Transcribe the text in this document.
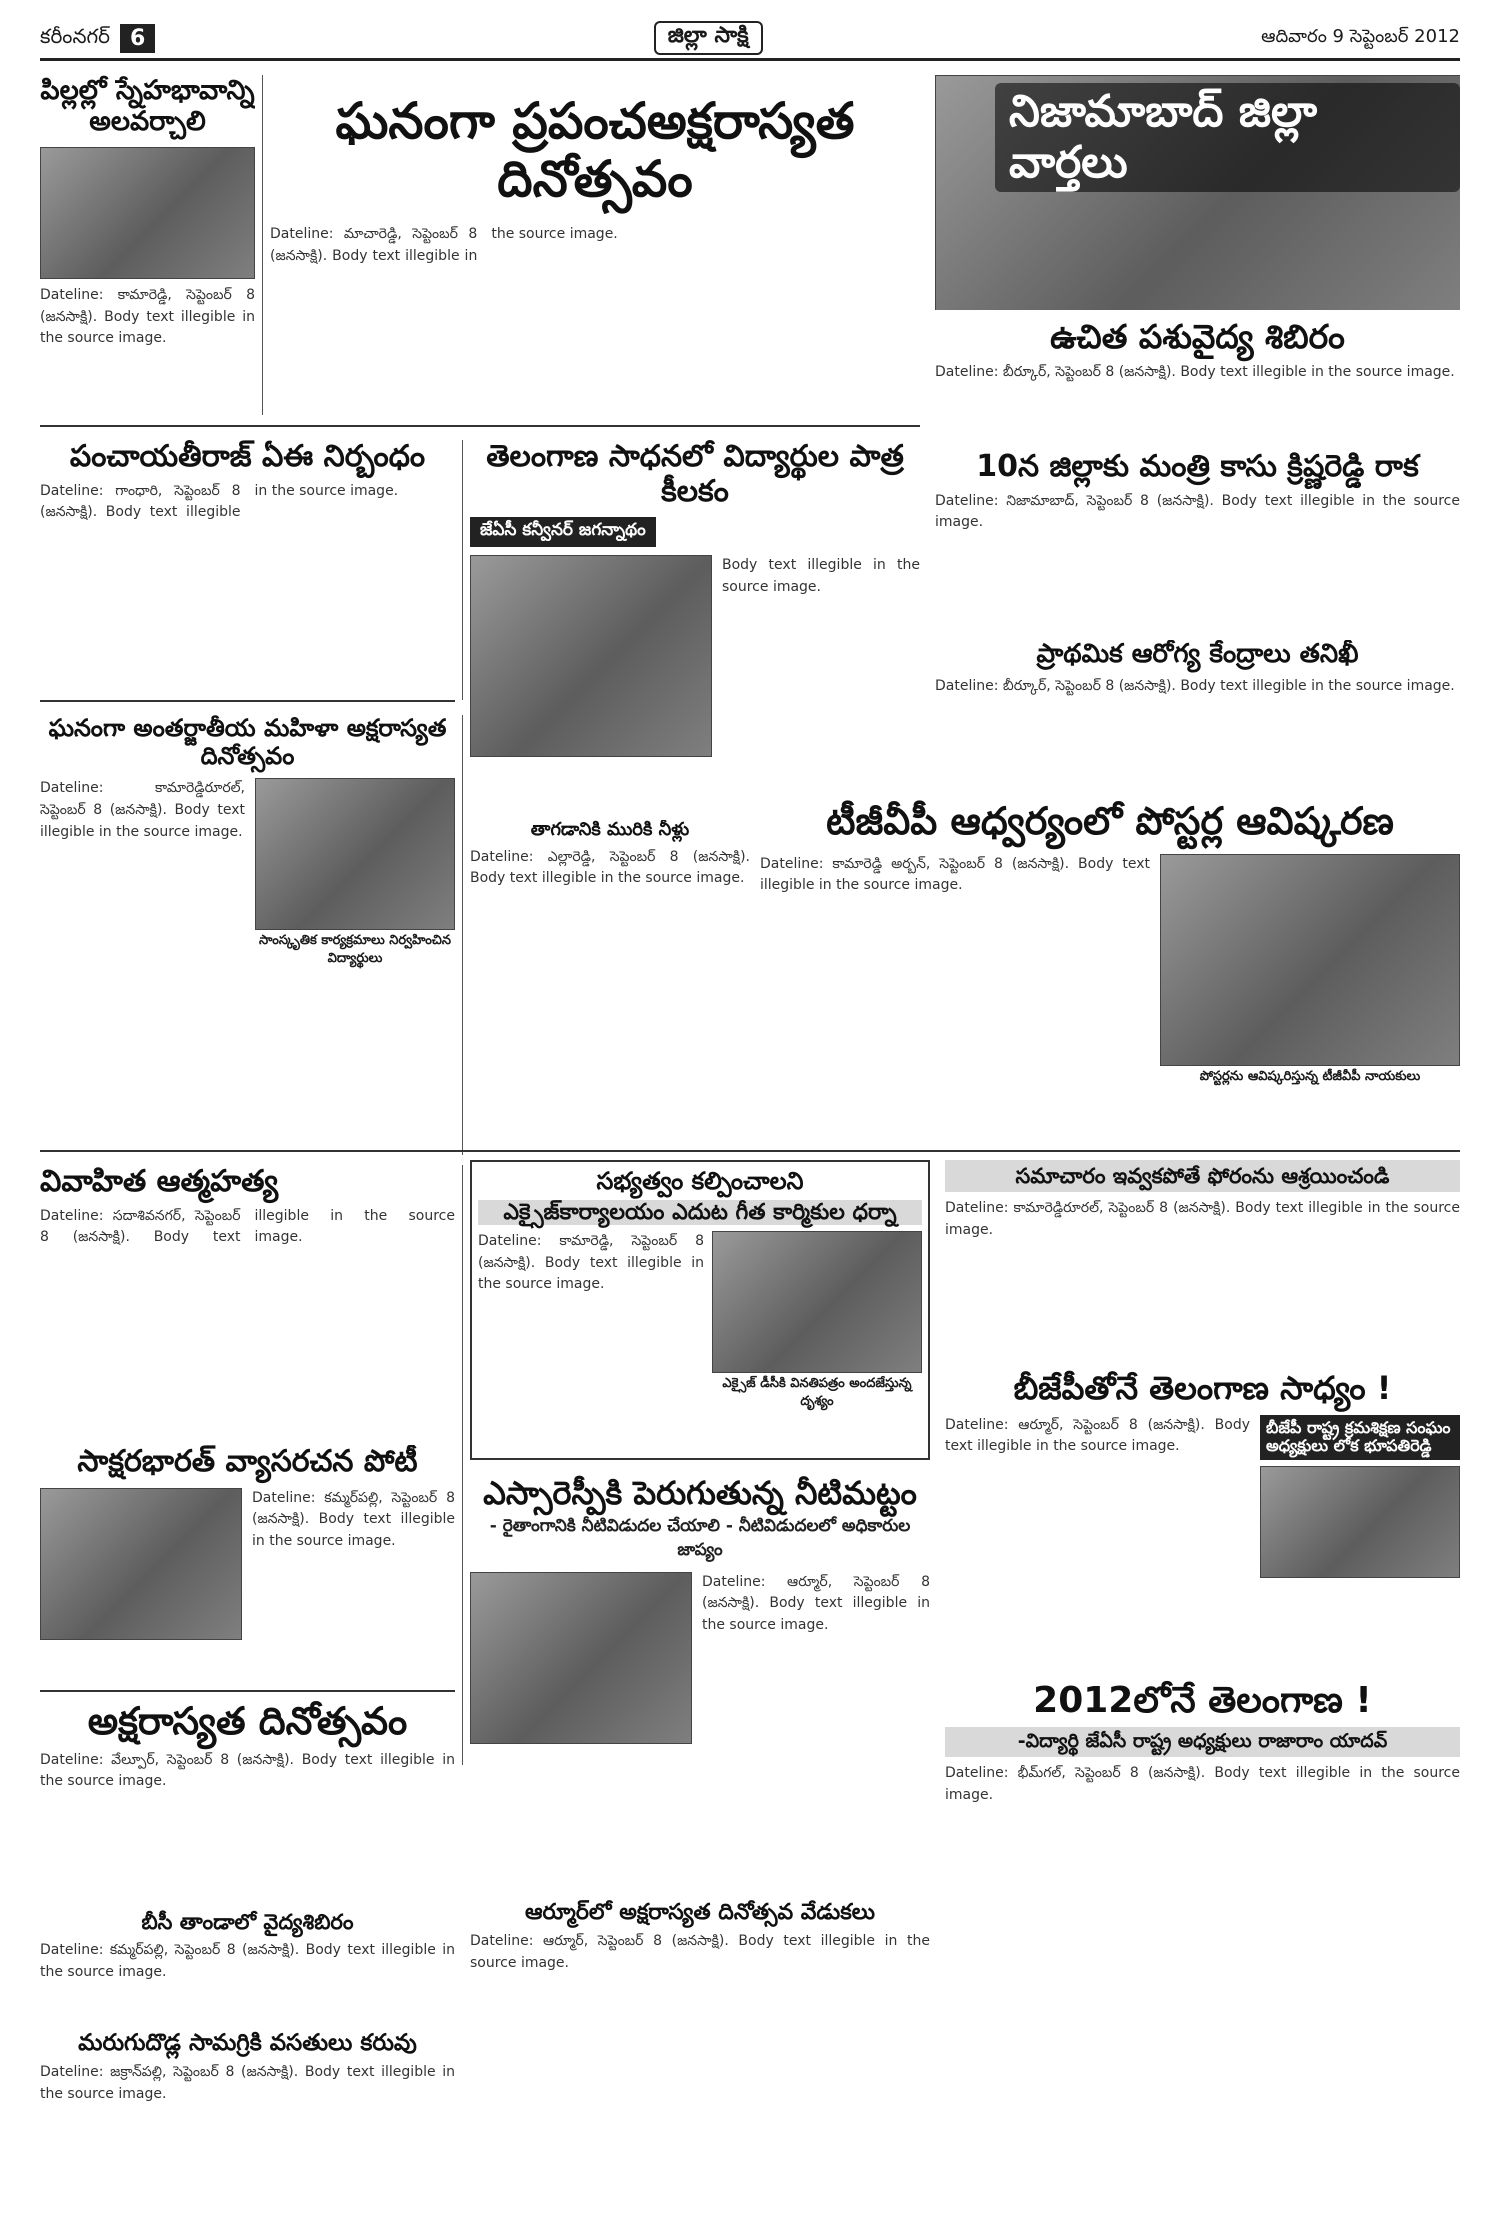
కరీంనగర్ 6	జిల్లా సాక్షి	ఆదివారం 9 సెప్టెంబర్ 2012
పిల్లల్లో స్నేహభావాన్ని అలవర్చాలి
Dateline: కామారెడ్డి, సెప్టెంబర్ 8 (జనసాక్షి). Body text illegible in the source image.
ఘనంగా ప్రపంచఅక్షరాస్యత దినోత్సవం
Dateline: మాచారెడ్డి, సెప్టెంబర్ 8 (జనసాక్షి). Body text illegible in the source image.
నిజామాబాద్ జిల్లా వార్తలు
ఉచిత పశువైద్య శిబిరం
Dateline: బీర్కూర్, సెప్టెంబర్ 8 (జనసాక్షి). Body text illegible in the source image.
పంచాయతీరాజ్ ఏఈ నిర్బంధం
Dateline: గాంధారి, సెప్టెంబర్ 8 (జనసాక్షి). Body text illegible in the source image.
తెలంగాణ సాధనలో విద్యార్థుల పాత్ర కీలకం
జేఏసీ కన్వీనర్ జగన్నాథం
Body text illegible in the source image.
10న జిల్లాకు మంత్రి కాసు క్రిష్ణరెడ్డి రాక
Dateline: నిజామాబాద్, సెప్టెంబర్ 8 (జనసాక్షి). Body text illegible in the source image.
ప్రాథమిక ఆరోగ్య కేంద్రాలు తనిఖీ
Dateline: బీర్కూర్, సెప్టెంబర్ 8 (జనసాక్షి). Body text illegible in the source image.
ఘనంగా అంతర్జాతీయ మహిళా అక్షరాస్యత దినోత్సవం
Dateline: కామారెడ్డిరూరల్, సెప్టెంబర్ 8 (జనసాక్షి). Body text illegible in the source image.
సాంస్కృతిక కార్యక్రమాలు నిర్వహించిన విద్యార్థులు
తాగడానికి మురికి నీళ్లు
Dateline: ఎల్లారెడ్డి, సెప్టెంబర్ 8 (జనసాక్షి). Body text illegible in the source image.
టీజీవీపీ ఆధ్వర్యంలో పోస్టర్ల ఆవిష్కరణ
Dateline: కామారెడ్డి అర్బన్, సెప్టెంబర్ 8 (జనసాక్షి). Body text illegible in the source image.
పోస్టర్లను ఆవిష్కరిస్తున్న టీజీవీపీ నాయకులు
వివాహిత ఆత్మహత్య
Dateline: సదాశివనగర్, సెప్టెంబర్ 8 (జనసాక్షి). Body text illegible in the source image.
సభ్యత్వం కల్పించాలని
ఎక్సైజ్‌కార్యాలయం ఎదుట గీత కార్మికుల ధర్నా
Dateline: కామారెడ్డి, సెప్టెంబర్ 8 (జనసాక్షి). Body text illegible in the source image.
ఎక్సైజ్ డీసీకి వినతిపత్రం అందజేస్తున్న దృశ్యం
సమాచారం ఇవ్వకపోతే ఫోరంను ఆశ్రయించండి
Dateline: కామారెడ్డిరూరల్, సెప్టెంబర్ 8 (జనసాక్షి). Body text illegible in the source image.
బీజేపీతోనే తెలంగాణ సాధ్యం !
Dateline: ఆర్మూర్, సెప్టెంబర్ 8 (జనసాక్షి). Body text illegible in the source image.
బీజేపీ రాష్ట్ర క్రమశిక్షణ సంఘం అధ్యక్షులు లోక భూపతిరెడ్డి
సాక్షరభారత్ వ్యాసరచన పోటీ
Dateline: కమ్మర్‌పల్లి, సెప్టెంబర్ 8 (జనసాక్షి). Body text illegible in the source image.
ఎస్సారెస్పీకి పెరుగుతున్న నీటిమట్టం
- రైతాంగానికి నీటివిడుదల చేయాలి - నీటివిడుదలలో అధికారుల జాప్యం
Dateline: ఆర్మూర్, సెప్టెంబర్ 8 (జనసాక్షి). Body text illegible in the source image.
అక్షరాస్యత దినోత్సవం
Dateline: వేల్పూర్, సెప్టెంబర్ 8 (జనసాక్షి). Body text illegible in the source image.
2012లోనే తెలంగాణ !
-విద్యార్థి జేఏసీ రాష్ట్ర అధ్యక్షులు రాజారాం యాదవ్
Dateline: భీమ్‌గల్, సెప్టెంబర్ 8 (జనసాక్షి). Body text illegible in the source image.
బీసీ తాండాలో వైద్యశిబిరం
Dateline: కమ్మర్‌పల్లి, సెప్టెంబర్ 8 (జనసాక్షి). Body text illegible in the source image.
ఆర్మూర్‌లో అక్షరాస్యత దినోత్సవ వేడుకలు
Dateline: ఆర్మూర్, సెప్టెంబర్ 8 (జనసాక్షి). Body text illegible in the source image.
మరుగుదొడ్ల సామగ్రికి వసతులు కరువు
Dateline: జక్రాన్‌పల్లి, సెప్టెంబర్ 8 (జనసాక్షి). Body text illegible in the source image.
